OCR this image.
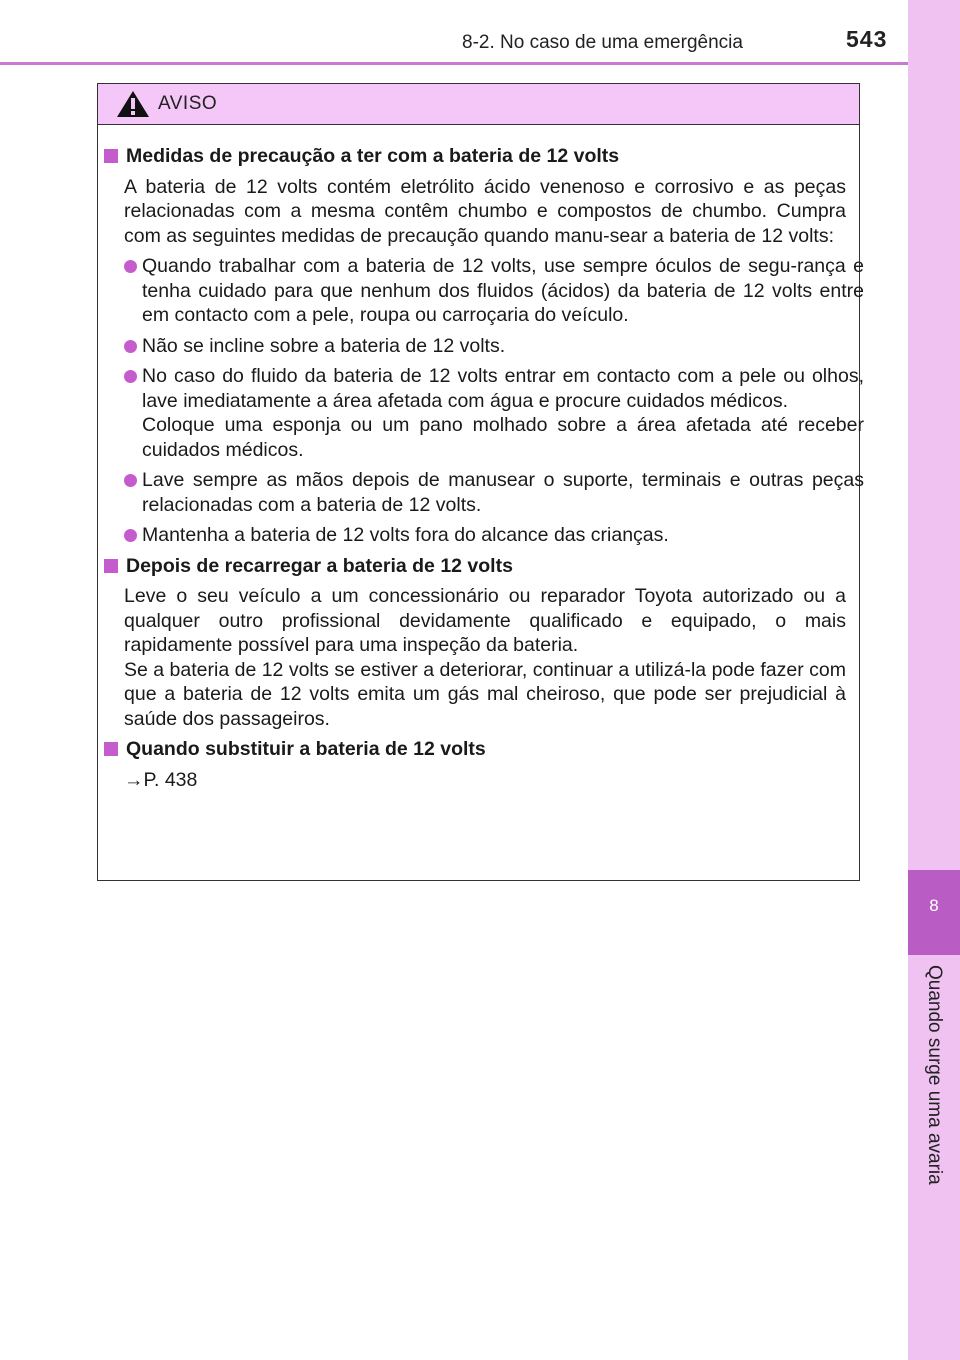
8-2. No caso de uma emergência	543
8
Quando surge uma avaria
AVISO
Medidas de precaução a ter com a bateria de 12 volts
A bateria de 12 volts contém eletrólito ácido venenoso e corrosivo e as peças relacionadas com a mesma contêm chumbo e compostos de chumbo. Cumpra com as seguintes medidas de precaução quando manu-sear a bateria de 12 volts:
Quando trabalhar com a bateria de 12 volts, use sempre óculos de segu-rança e tenha cuidado para que nenhum dos fluidos (ácidos) da bateria de 12 volts entre em contacto com a pele, roupa ou carroçaria do veículo.
Não se incline sobre a bateria de 12 volts.
No caso do fluido da bateria de 12 volts entrar em contacto com a pele ou olhos, lave imediatamente a área afetada com água e procure cuidados médicos.
Coloque uma esponja ou um pano molhado sobre a área afetada até receber cuidados médicos.
Lave sempre as mãos depois de manusear o suporte, terminais e outras peças relacionadas com a bateria de 12 volts.
Mantenha a bateria de 12 volts fora do alcance das crianças.
Depois de recarregar a bateria de 12 volts
Leve o seu veículo a um concessionário ou reparador Toyota autorizado ou a qualquer outro profissional devidamente qualificado e equipado, o mais rapidamente possível para uma inspeção da bateria.
Se a bateria de 12 volts se estiver a deteriorar, continuar a utilizá-la pode fazer com que a bateria de 12 volts emita um gás mal cheiroso, que pode ser prejudicial à saúde dos passageiros.
Quando substituir a bateria de 12 volts
→P. 438
